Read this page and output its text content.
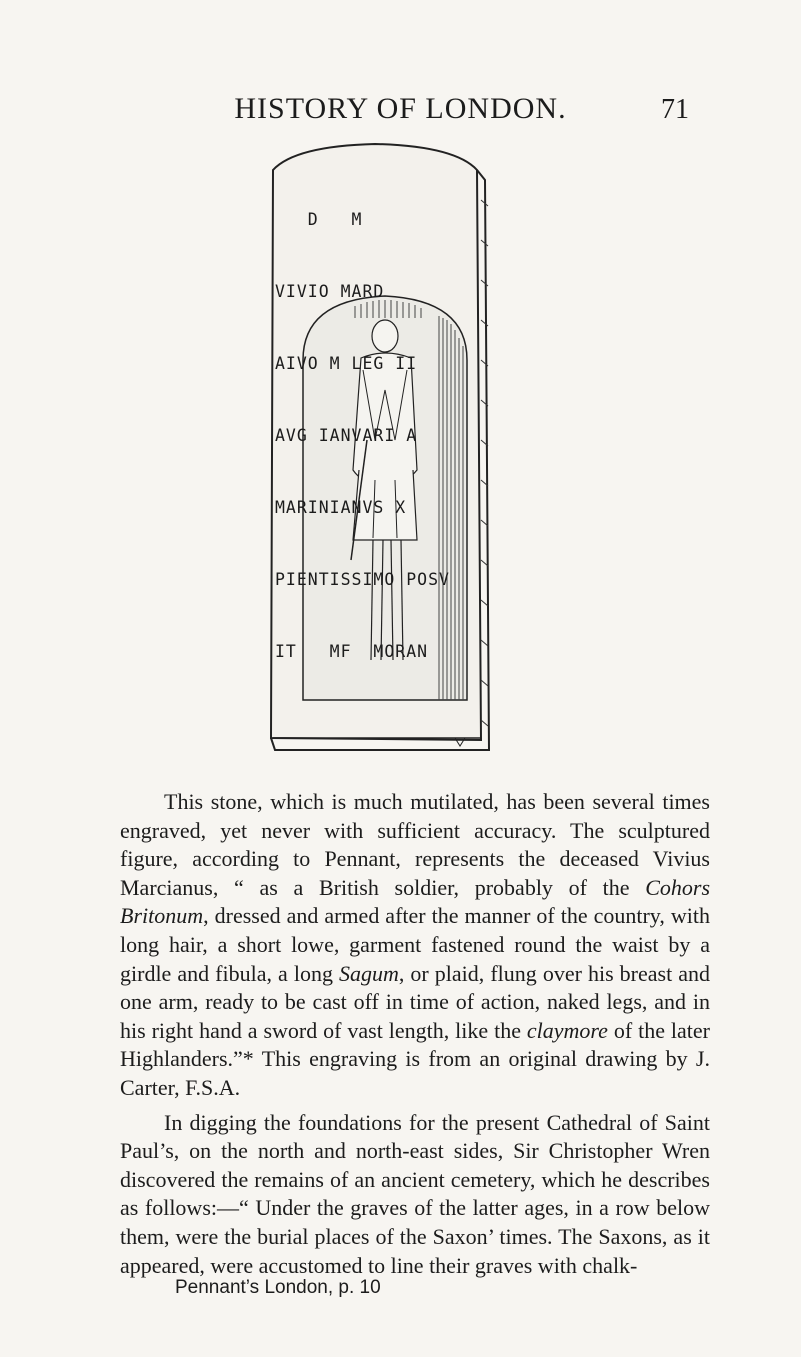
HISTORY OF LONDON.	71

D   M

VIVIO MARD

AIVO M LEG II

AVG IANVARI A

MARINIANVS X

PIENTISSIMO POSV

IT   MF  MORAN

This stone, which is much mutilated, has been several times engraved, yet never with sufficient accuracy. The sculptured figure, according to Pennant, represents the deceased Vivius Marcianus, “ as a British soldier, probably of the Cohors Britonum, dressed and armed after the manner of the country, with long hair, a short lowe, garment fastened round the waist by a girdle and fibula, a long Sagum, or plaid, flung over his breast and one arm, ready to be cast off in time of action, naked legs, and in his right hand a sword of vast length, like the claymore of the later Highlanders.”* This engraving is from an original drawing by J. Carter, F.S.A.

In digging the foundations for the present Cathedral of Saint Paul’s, on the north and north-east sides, Sir Christopher Wren discovered the remains of an ancient cemetery, which he describes as follows:—“ Under the graves of the latter ages, in a row below them, were the burial places of the Saxon’ times. The Saxons, as it appeared, were accustomed to line their graves with chalk-

Pennant’s London, p. 10
